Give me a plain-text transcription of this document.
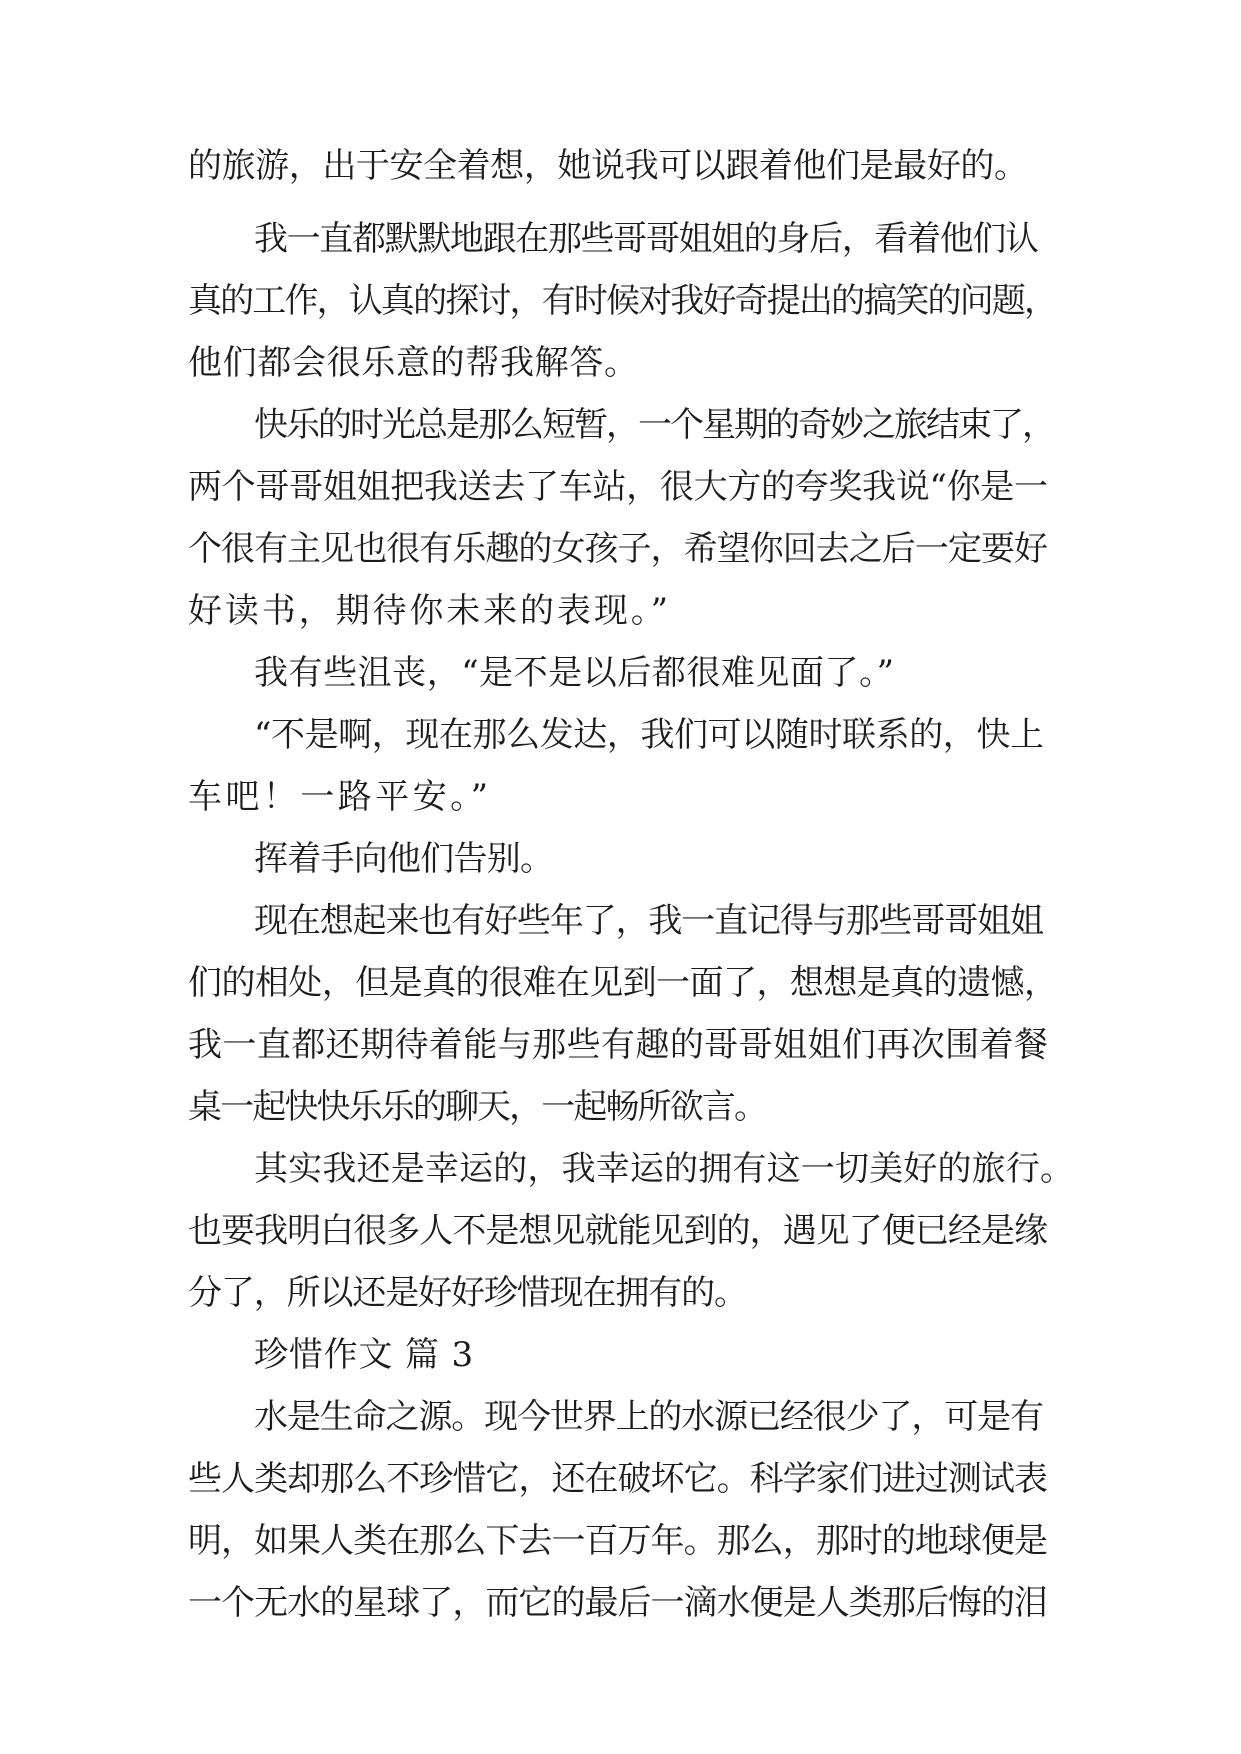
的旅游，出于安全着想，她说我可以跟着他们是最好的。
我一直都默默地跟在那些哥哥姐姐的身后，看着他们认
真的工作，认真的探讨，有时候对我好奇提出的搞笑的问题，
他们都会很乐意的帮我解答。
快乐的时光总是那么短暂，一个星期的奇妙之旅结束了，
两个哥哥姐姐把我送去了车站，很大方的夸奖我说“你是一
个很有主见也很有乐趣的女孩子，希望你回去之后一定要好
好读书，期待你未来的表现。”
我有些沮丧，“是不是以后都很难见面了。”
“不是啊，现在那么发达，我们可以随时联系的，快上
车吧！一路平安。”
挥着手向他们告别。
现在想起来也有好些年了，我一直记得与那些哥哥姐姐
们的相处，但是真的很难在见到一面了，想想是真的遗憾，
我一直都还期待着能与那些有趣的哥哥姐姐们再次围着餐
桌一起快快乐乐的聊天，一起畅所欲言。
其实我还是幸运的，我幸运的拥有这一切美好的旅行。
也要我明白很多人不是想见就能见到的，遇见了便已经是缘
分了，所以还是好好珍惜现在拥有的。
珍惜作文 篇 3
水是生命之源。现今世界上的水源已经很少了，可是有
些人类却那么不珍惜它，还在破坏它。科学家们进过测试表
明，如果人类在那么下去一百万年。那么，那时的地球便是
一个无水的星球了，而它的最后一滴水便是人类那后悔的泪
